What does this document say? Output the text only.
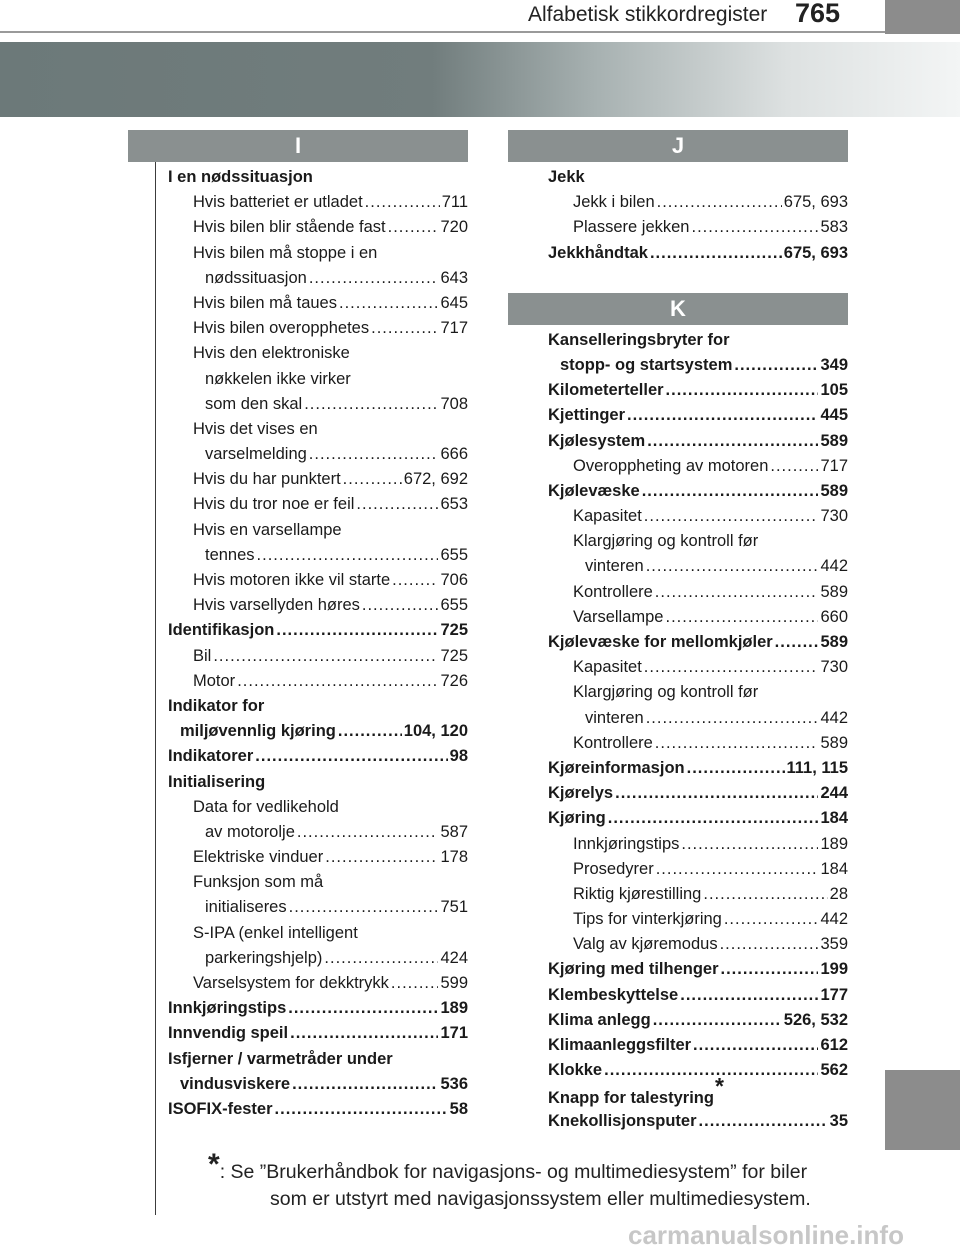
Alfabetisk stikkordregister 765
I
I en nødssituasjon
Hvis batteriet er utladet .....	711
Hvis bilen blir stående fast .....	720
Hvis bilen må stoppe i en
nødssituasjon .....	643
Hvis bilen må taues .....	645
Hvis bilen overopphetes .....	717
Hvis den elektroniske
nøkkelen ikke virker
som den skal .....	708
Hvis det vises en
varselmelding .....	666
Hvis du har punktert .....	672, 692
Hvis du tror noe er feil .....	653
Hvis en varsellampe
tennes .....	655
Hvis motoren ikke vil starte .....	706
Hvis varsellyden høres .....	655
Identifikasjon .....	725
Bil .....	725
Motor .....	726
Indikator for
miljøvennlig kjøring .....	104, 120
Indikatorer .....	98
Initialisering
Data for vedlikehold
av motorolje .....	587
Elektriske vinduer .....	178
Funksjon som må
initialiseres .....	751
S-IPA (enkel intelligent
parkeringshjelp) .....	424
Varselsystem for dekktrykk .....	599
Innkjøringstips .....	189
Innvendig speil .....	171
Isfjerner / varmetråder under
vindusviskere .....	536
ISOFIX-fester .....	58
J
Jekk
Jekk i bilen .....	675, 693
Plassere jekken .....	583
Jekkhåndtak .....	675, 693
K
Kanselleringsbryter for
stopp- og startsystem .....	349
Kilometerteller .....	105
Kjettinger .....	445
Kjølesystem .....	589
Overoppheting av motoren .....	717
Kjølevæske .....	589
Kapasitet .....	730
Klargjøring og kontroll før
vinteren .....	442
Kontrollere .....	589
Varsellampe .....	660
Kjølevæske for mellomkjøler .....	589
Kapasitet .....	730
Klargjøring og kontroll før
vinteren .....	442
Kontrollere .....	589
Kjøreinformasjon .....	111, 115
Kjørelys .....	244
Kjøring .....	184
Innkjøringstips .....	189
Prosedyrer .....	184
Riktig kjørestilling .....	28
Tips for vinterkjøring .....	442
Valg av kjøremodus .....	359
Kjøring med tilhenger .....	199
Klembeskyttelse .....	177
Klima anlegg .....	526, 532
Klimaanleggsfilter .....	612
Klokke .....	562
Knapp for talestyring *
Knekollisjonsputer .....	35
*: Se ”Brukerhåndbok for navigasjons- og multimediesystem” for biler
som er utstyrt med navigasjonssystem eller multimediesystem.
carmanualsonline.info
